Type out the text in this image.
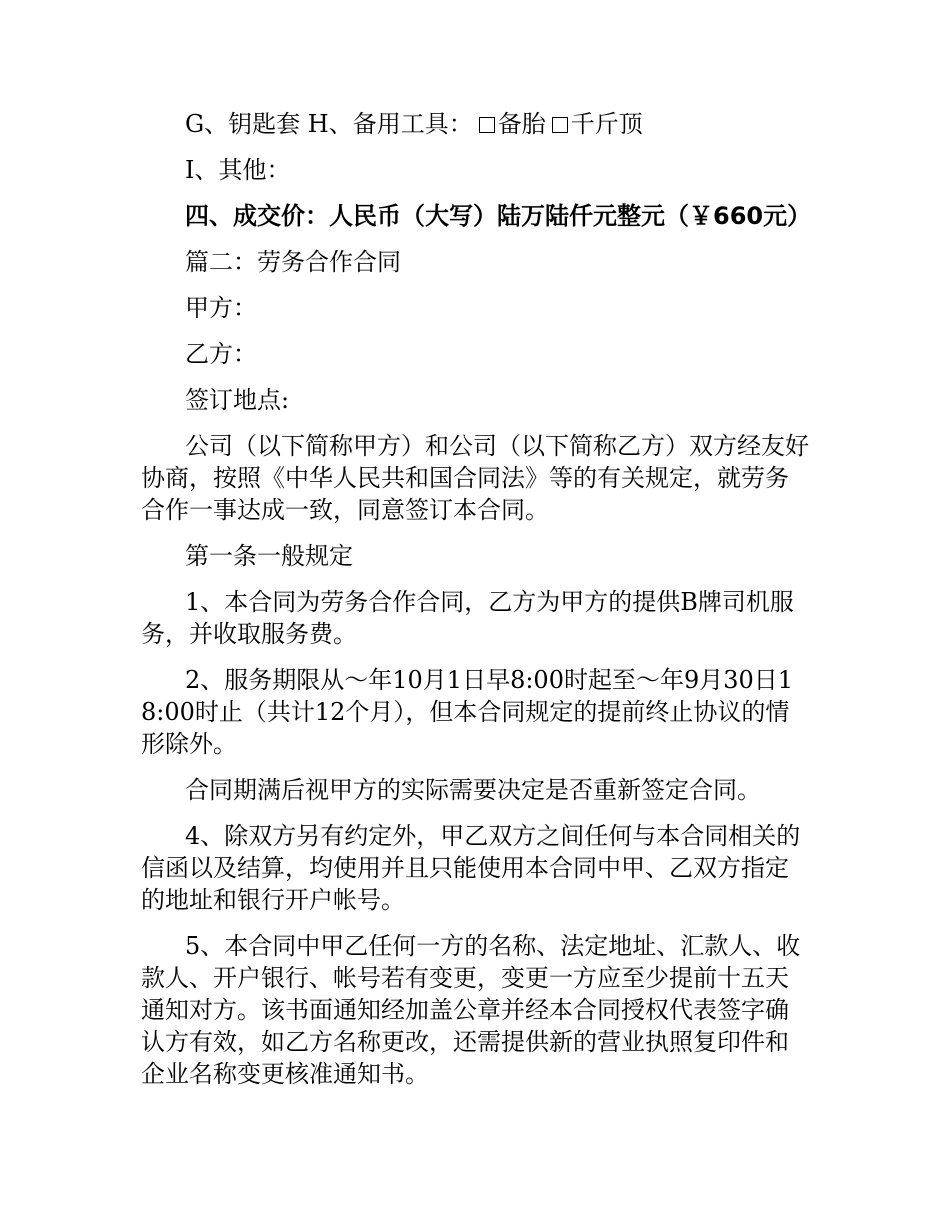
G、钥匙套 H、备用工具： 备胎 千斤顶

I、其他：

四、成交价：人民币（大写）陆万陆仟元整元（￥660元）

篇二：劳务合作合同

甲方：

乙方：

签订地点:

公司（以下简称甲方）和公司（以下简称乙方）双方经友好协商，按照《中华人民共和国合同法》等的有关规定，就劳务合作一事达成一致，同意签订本合同。

第一条一般规定

1、本合同为劳务合作合同，乙方为甲方的提供B牌司机服务，并收取服务费。

2、服务期限从～年10月1日早8:00时起至～年9月30日18:00时止（共计12个月），但本合同规定的提前终止协议的情形除外。

合同期满后视甲方的实际需要决定是否重新签定合同。

4、除双方另有约定外，甲乙双方之间任何与本合同相关的信函以及结算，均使用并且只能使用本合同中甲、乙双方指定的地址和银行开户帐号。

5、本合同中甲乙任何一方的名称、法定地址、汇款人、收款人、开户银行、帐号若有变更，变更一方应至少提前十五天通知对方。该书面通知经加盖公章并经本合同授权代表签字确认方有效，如乙方名称更改，还需提供新的营业执照复印件和企业名称变更核准通知书。
